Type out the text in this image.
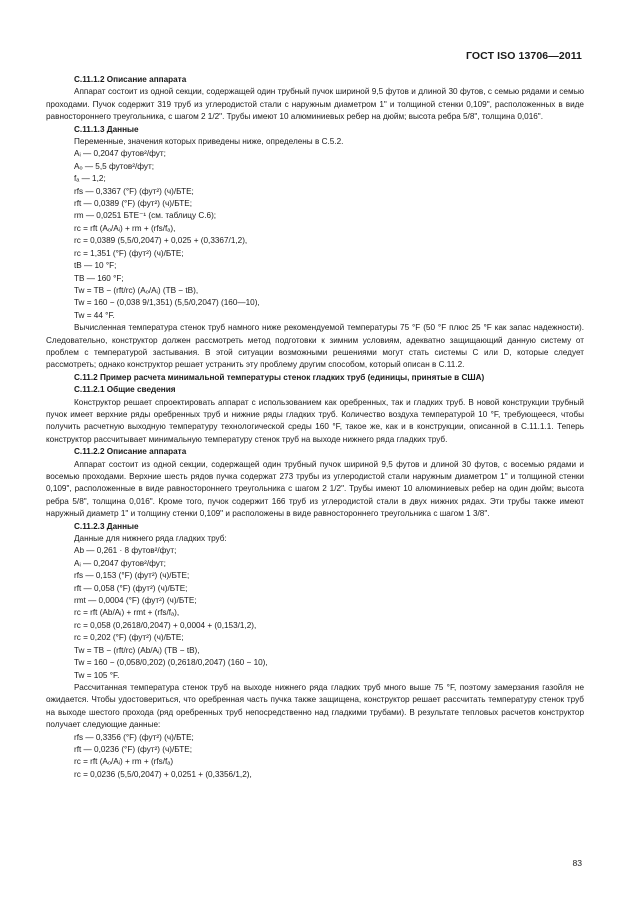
ГОСТ ISO 13706—2011
С.11.1.2 Описание аппарата
Аппарат состоит из одной секции, содержащей один трубный пучок шириной 9,5 футов и длиной 30 футов, с семью рядами и семью проходами. Пучок содержит 319 труб из углеродистой стали с наружным диаметром 1" и толщиной стенки 0,109", расположенных в виде равностороннего треугольника, с шагом 2 1/2". Трубы имеют 10 алюминиевых ребер на дюйм; высота ребра 5/8", толщина 0,016".
С.11.1.3 Данные
Переменные, значения которых приведены ниже, определены в С.5.2.
Aᵢ — 0,2047 футов²/фут;
Aₒ — 5,5 футов²/фут;
fₐ — 1,2;
rfs — 0,3367 (°F) (фут²) (ч)/БТЕ;
rft — 0,0389 (°F) (фут²) (ч)/БТЕ;
rm — 0,0251 БТЕ⁻¹ (см. таблицу С.6);
rc = rft (Aₒ/Aᵢ) + rm + (rfs/fₐ),
rc = 0,0389 (5,5/0,2047) + 0,025 + (0,3367/1,2),
rc = 1,351 (°F) (фут²) (ч)/БТЕ;
tB — 10 °F;
TB — 160 °F;
Tw = TB − (rft/rc) (Aₒ/Aᵢ) (TB − tB),
Tw = 160 − (0,038 9/1,351) (5,5/0,2047) (160—10),
Tw = 44 °F.
Вычисленная температура стенок труб намного ниже рекомендуемой температуры 75 °F (50 °F плюс 25 °F как запас надежности). Следовательно, конструктор должен рассмотреть метод подготовки к зимним условиям, адекватно защищающий данную систему от проблем с температурой застывания. В этой ситуации возможными решениями могут стать системы С или D, которые следует рассмотреть; однако конструктор решает устранить эту проблему другим способом, который описан в С.11.2.
С.11.2 Пример расчета минимальной температуры стенок гладких труб (единицы, принятые в США)
С.11.2.1 Общие сведения
Конструктор решает спроектировать аппарат с использованием как оребренных, так и гладких труб. В новой конструкции трубный пучок имеет верхние ряды оребренных труб и нижние ряды гладких труб. Количество воздуха температурой 10 °F, требующееся, чтобы получить расчетную выходную температуру технологической среды 160 °F, такое же, как и в конструкции, описанной в С.11.1.1. Теперь конструктор рассчитывает минимальную температуру стенок труб на выходе нижнего ряда гладких труб.
С.11.2.2 Описание аппарата
Аппарат состоит из одной секции, содержащей один трубный пучок шириной 9,5 футов и длиной 30 футов, с восемью рядами и восемью проходами. Верхние шесть рядов пучка содержат 273 трубы из углеродистой стали наружным диаметром 1" и толщиной стенки 0,109", расположенные в виде равностороннего треугольника с шагом 2 1/2". Трубы имеют 10 алюминиевых ребер на один дюйм; высота ребра 5/8", толщина 0,016". Кроме того, пучок содержит 166 труб из углеродистой стали в двух нижних рядах. Эти трубы также имеют наружный диаметр 1" и толщину стенки 0,109" и расположены в виде равностороннего треугольника с шагом 1 3/8".
С.11.2.3 Данные
Данные для нижнего ряда гладких труб:
Ab — 0,261 · 8 футов²/фут;
Aᵢ — 0,2047 футов²/фут;
rfs — 0,153 (°F) (фут²) (ч)/БТЕ;
rft — 0,058 (°F) (фут²) (ч)/БТЕ;
rmt — 0,0004 (°F) (фут²) (ч)/БТЕ;
rc = rft (Ab/Aᵢ) + rmt + (rfs/fₐ),
rc = 0,058 (0,2618/0,2047) + 0,0004 + (0,153/1,2),
rc = 0,202 (°F) (фут²) (ч)/БТЕ;
Tw = TB − (rft/rc) (Ab/Aᵢ) (TB − tB),
Tw = 160 − (0,058/0,202) (0,2618/0,2047) (160 − 10),
Tw = 105 °F.
Рассчитанная температура стенок труб на выходе нижнего ряда гладких труб много выше 75 °F, поэтому замерзания газойля не ожидается. Чтобы удостовериться, что оребренная часть пучка также защищена, конструктор решает рассчитать температуру стенок труб на выходе шестого прохода (ряд оребренных труб непосредственно над гладкими трубами). В результате тепловых расчетов конструктор получает следующие данные:
rfs — 0,3356 (°F) (фут²) (ч)/БТЕ;
rft — 0,0236 (°F) (фут²) (ч)/БТЕ;
rc = rft (Aₒ/Aᵢ) + rm + (rfs/fₐ)
rc = 0,0236 (5,5/0,2047) + 0,0251 + (0,3356/1,2),
83
